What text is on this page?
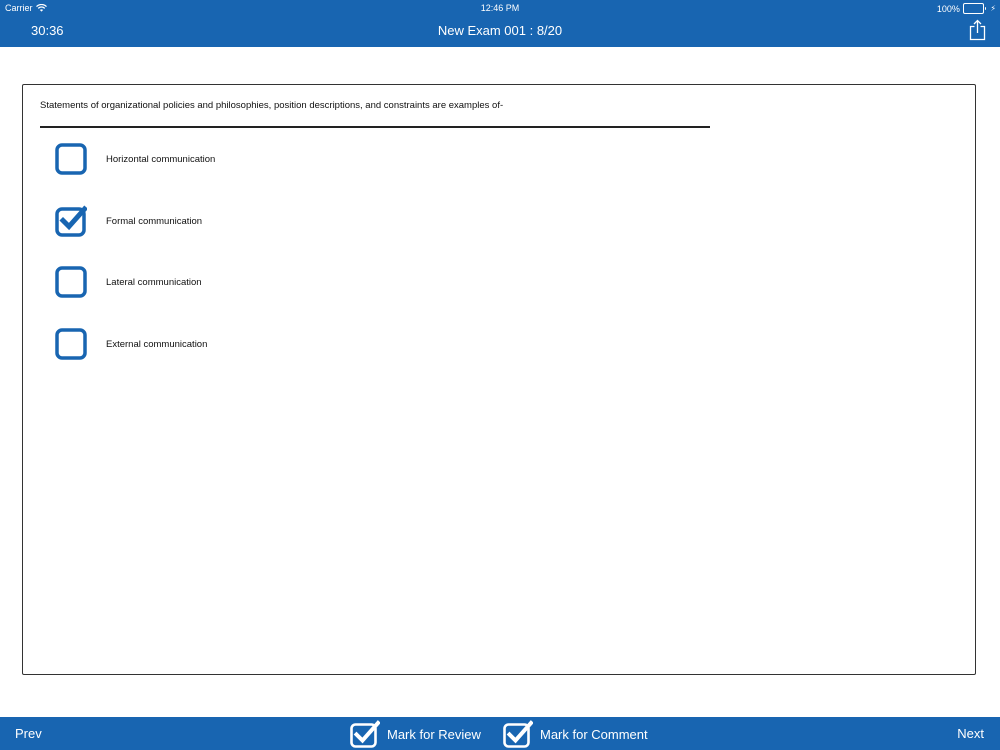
Carrier	12:46 PM	100%	⚡
30:36	New Exam 001 : 8/20
Statements of organizational policies and philosophies, position descriptions, and constraints are examples of-
Horizontal communication
Formal communication
Lateral communication
External communication
Prev	Mark for Review	Mark for Comment	Next
